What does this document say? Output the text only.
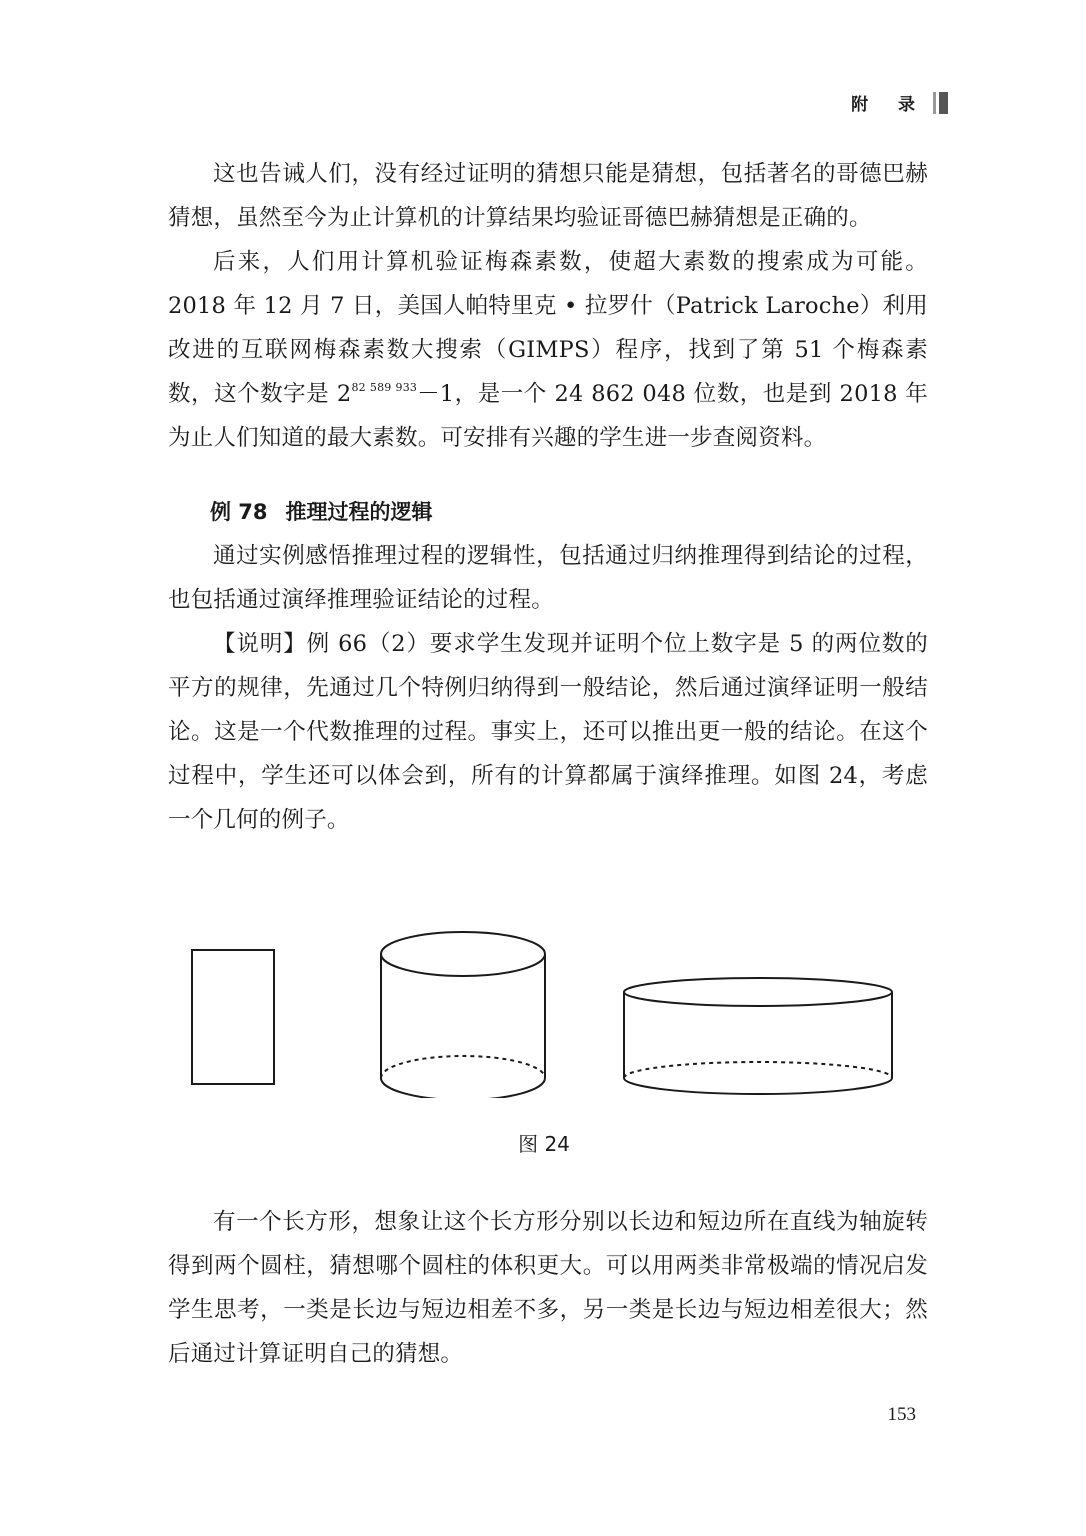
附 录

这也告诫人们，没有经过证明的猜想只能是猜想，包括著名的哥德巴赫猜想，虽然至今为止计算机的计算结果均验证哥德巴赫猜想是正确的。

后来，人们用计算机验证梅森素数，使超大素数的搜索成为可能。2018 年 12 月 7 日，美国人帕特里克 • 拉罗什（Patrick Laroche）利用改进的互联网梅森素数大搜索（GIMPS）程序，找到了第 51 个梅森素数，这个数字是 $2^{82 589 933}-1$，是一个 24 862 048 位数，也是到 2018 年为止人们知道的最大素数。可安排有兴趣的学生进一步查阅资料。

例 78 推理过程的逻辑

通过实例感悟推理过程的逻辑性，包括通过归纳推理得到结论的过程，也包括通过演绎推理验证结论的过程。

【说明】例 66（2）要求学生发现并证明个位上数字是 5 的两位数的平方的规律，先通过几个特例归纳得到一般结论，然后通过演绎证明一般结论。这是一个代数推理的过程。事实上，还可以推出更一般的结论。在这个过程中，学生还可以体会到，所有的计算都属于演绎推理。如图 24，考虑一个几何的例子。

图 24

有一个长方形，想象让这个长方形分别以长边和短边所在直线为轴旋转得到两个圆柱，猜想哪个圆柱的体积更大。可以用两类非常极端的情况启发学生思考，一类是长边与短边相差不多，另一类是长边与短边相差很大；然后通过计算证明自己的猜想。

153
